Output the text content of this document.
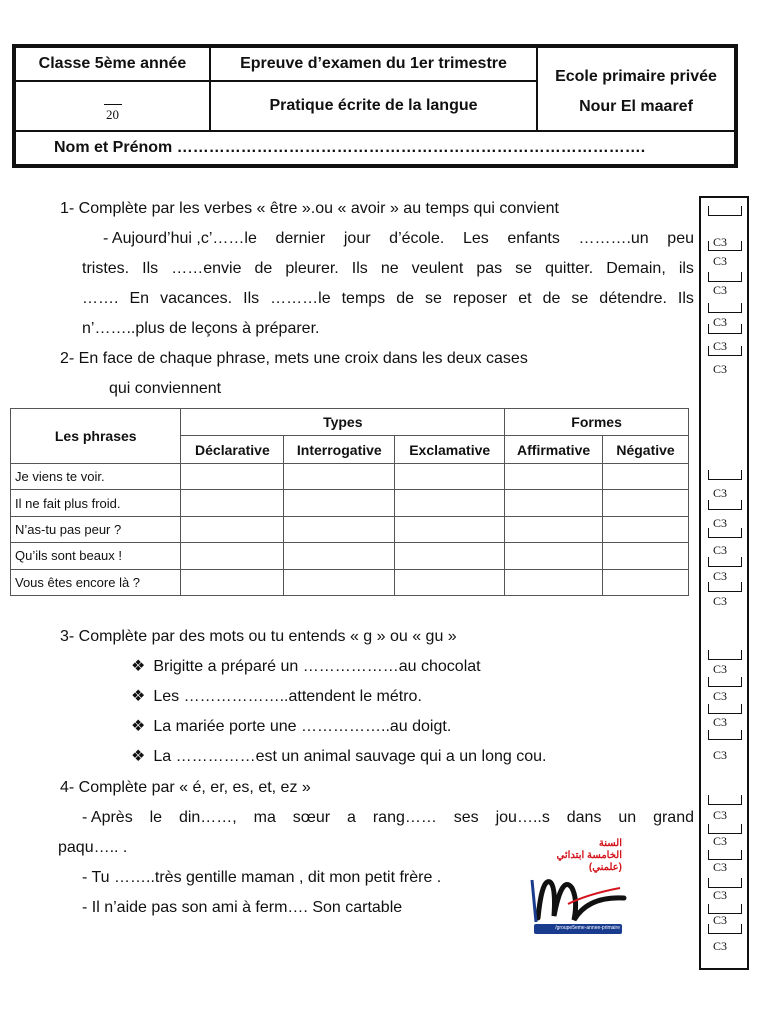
Classe 5ème année	Epreuve d’examen du 1er trimestre
Ecole primaire privée
Nour El maaref
20	Pratique écrite de la langue
Nom et Prénom …………………………………………………………………………….
1- Complète par les verbes « être ».ou « avoir » au temps qui convient
- Aujourd’hui ,c’……le dernier jour d’école. Les enfants ……….un peu
tristes. Ils ……envie de pleurer. Ils ne veulent pas se quitter. Demain, ils
……. En vacances. Ils ………le temps de se reposer et de se détendre. Ils
n’……..plus de leçons à préparer.
2- En face de chaque phrase, mets une croix dans les deux cases
qui conviennent
Les phrases	Types			Formes	
	Déclarative	Interrogative	Exclamative	Affirmative	Négative
Je viens te voir.					
Il ne fait plus froid.					
N’as-tu pas peur ?					
Qu’ils sont beaux !					
Vous êtes encore là ?					
3- Complète par des mots ou tu entends « g » ou « gu »
❖ Brigitte a préparé un ………………au chocolat
❖ Les ………………..attendent le métro.
❖ La mariée porte une ……………..au doigt.
❖ La ……………est un animal sauvage qui a un long cou.
4- Complète par « é, er, es, et, ez »
- Après le din……, ma sœur a rang…… ses jou…..s dans un grand
paqu….. .
- Tu ……..très gentille maman , dit mon petit frère .
- Il n’aide pas son ami à ferm…. Son cartable
C3
C3
C3
C3
C3
C3
C3
C3
C3
C3
C3
C3
C3
C3
C3
C3
C3
C3
C3
C3
C3
السنة
الخامسة ابتدائي
(علمني)
/groupe5eme-annee-primaire
